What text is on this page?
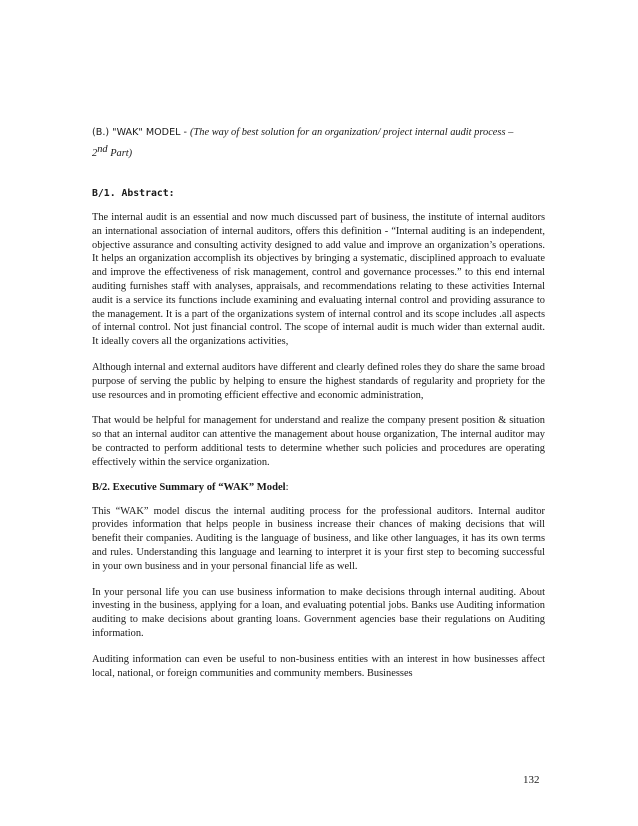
(B.) "WAK" MODEL - (The way of best solution for an organization/ project internal audit process –

2nd Part)

B/1. Abstract:

The internal audit is an essential and now much discussed part of business, the institute of internal auditors an international association of internal auditors, offers this definition - “Internal auditing is an independent, objective assurance and consulting activity designed to add value and improve an organization’s operations. It helps an organization accomplish its objectives by bringing a systematic, disciplined approach to evaluate and improve the effectiveness of risk management, control and governance processes.” to this end internal auditing furnishes staff with analyses, appraisals, and recommendations relating to these activities Internal audit is a service its functions include examining and evaluating internal control and providing assurance to the management. It is a part of the organizations system of internal control and its scope includes .all aspects of internal control. Not just financial control. The scope of internal audit is much wider than external audit. It ideally covers all the organizations activities,

Although internal and external auditors have different and clearly defined roles they do share the same broad purpose of serving the public by helping to ensure the highest standards of regularity and propriety for the use resources and in promoting efficient effective and economic administration,

That would be helpful for management for understand and realize the company present position & situation so that an internal auditor can attentive the management about house organization, The internal auditor may be contracted to perform additional tests to determine whether such policies and procedures are operating effectively within the service organization.

B/2. Executive Summary of “WAK” Model:

This “WAK” model discus the internal auditing process for the professional auditors. Internal auditor provides information that helps people in business increase their chances of making decisions that will benefit their companies. Auditing is the language of business, and like other languages, it has its own terms and rules. Understanding this language and learning to interpret it is your first step to becoming successful in your own business and in your personal financial life as well.

In your personal life you can use business information to make decisions through internal auditing. About investing in the business, applying for a loan, and evaluating potential jobs. Banks use Auditing information auditing to make decisions about granting loans. Government agencies base their regulations on Auditing information.

Auditing information can even be useful to non-business entities with an interest in how businesses affect local, national, or foreign communities and community members. Businesses

132
